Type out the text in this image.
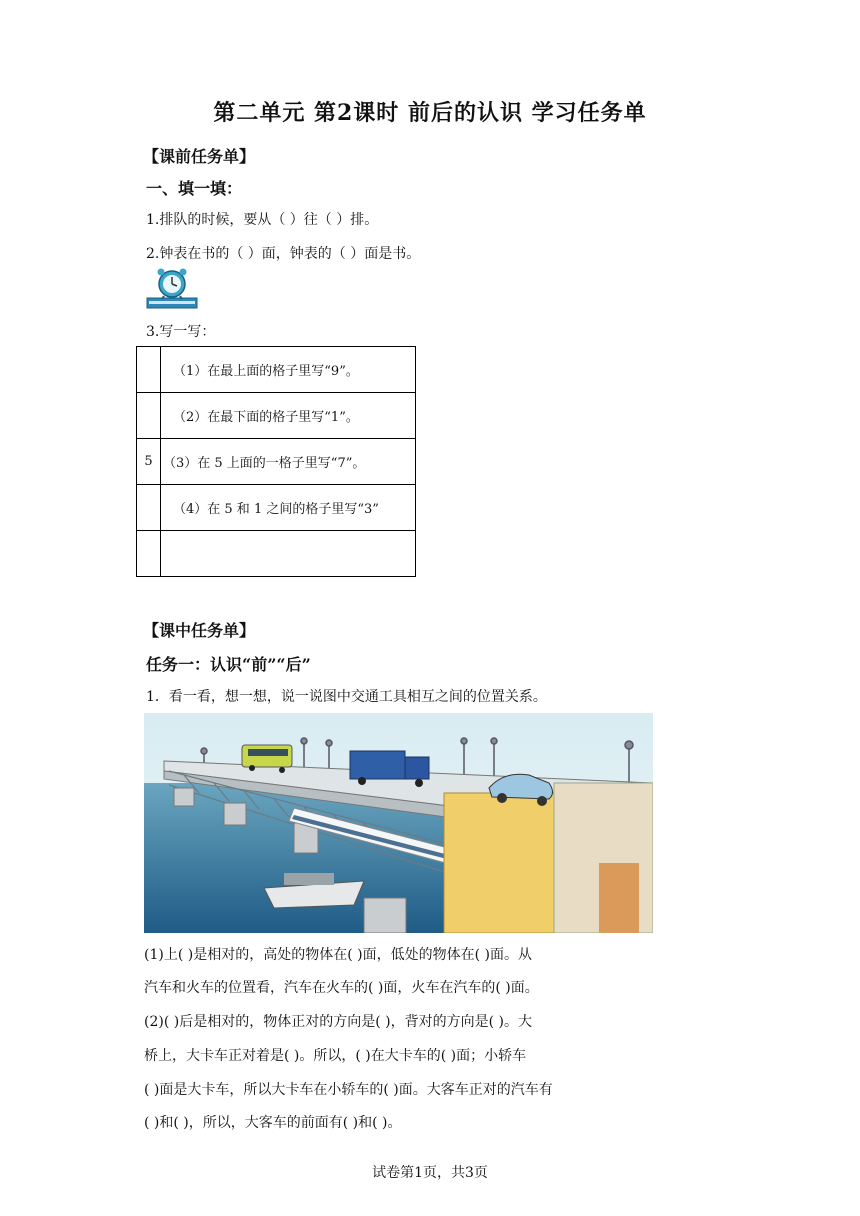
第二单元 第2课时 前后的认识 学习任务单
【课前任务单】
一、填一填：
1.排队的时候，要从（ ）往（ ）排。
2.钟表在书的（ ）面，钟表的（ ）面是书。
3.写一写：
	（1）在最上面的格子里写“9”。
	（2）在最下面的格子里写“1”。
5	（3）在 5 上面的一格子里写“7”。
	（4）在 5 和 1 之间的格子里写“3”

【课中任务单】
任务一：认识“前”“后”
1．看一看，想一想，说一说图中交通工具相互之间的位置关系。
(1)上( )是相对的，高处的物体在( )面，低处的物体在( )面。从
汽车和火车的位置看，汽车在火车的( )面，火车在汽车的( )面。
(2)( )后是相对的，物体正对的方向是( )，背对的方向是( )。大
桥上，大卡车正对着是( )。所以，( )在大卡车的( )面；小轿车
( )面是大卡车，所以大卡车在小轿车的( )面。大客车正对的汽车有
( )和( )，所以，大客车的前面有( )和( )。
试卷第1页，共3页
